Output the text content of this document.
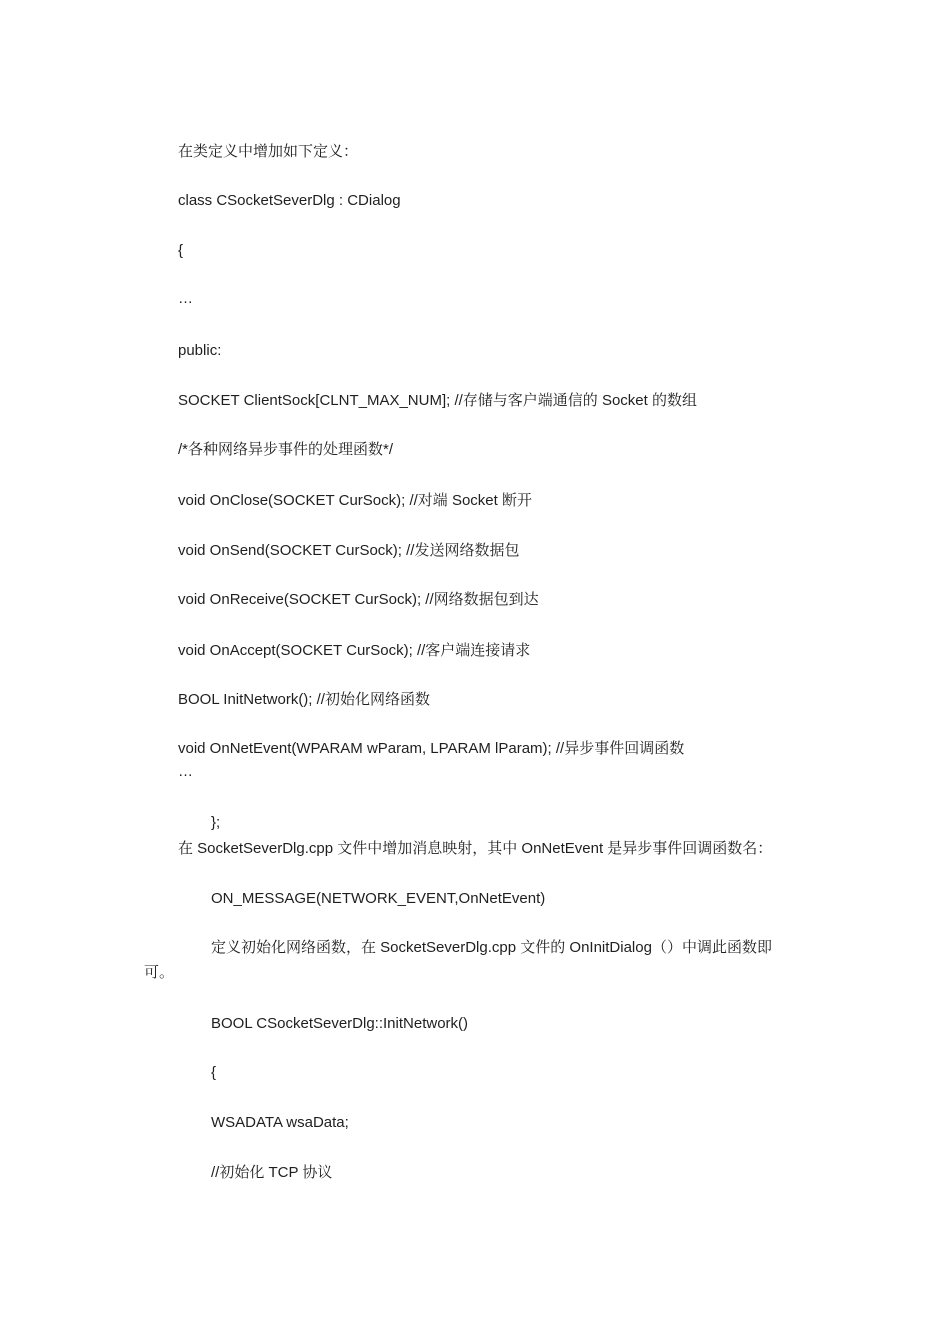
在类定义中增加如下定义：
class CSocketSeverDlg : CDialog
{
…
public:
SOCKET ClientSock[CLNT_MAX_NUM]; //存储与客户端通信的 Socket 的数组
/*各种网络异步事件的处理函数*/
void OnClose(SOCKET CurSock); //对端 Socket 断开
void OnSend(SOCKET CurSock); //发送网络数据包
void OnReceive(SOCKET CurSock); //网络数据包到达
void OnAccept(SOCKET CurSock); //客户端连接请求
BOOL InitNetwork(); //初始化网络函数
void OnNetEvent(WPARAM wParam, LPARAM lParam); //异步事件回调函数
…
};
在 SocketSeverDlg.cpp 文件中增加消息映射，其中 OnNetEvent 是异步事件回调函数名：
ON_MESSAGE(NETWORK_EVENT,OnNetEvent)
定义初始化网络函数，在 SocketSeverDlg.cpp 文件的 OnInitDialog（）中调此函数即
可。
BOOL CSocketSeverDlg::InitNetwork()
{
WSADATA wsaData;
//初始化 TCP 协议
